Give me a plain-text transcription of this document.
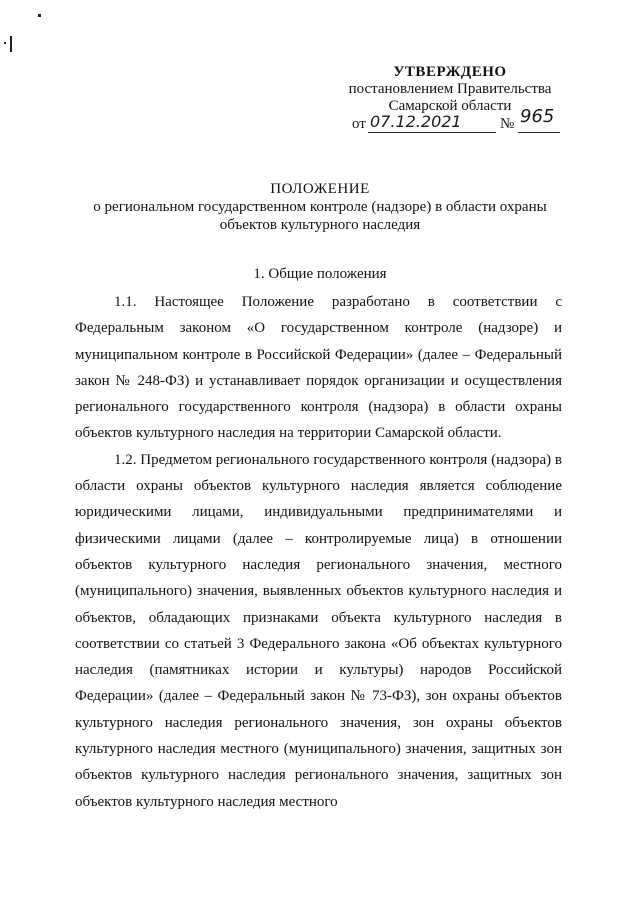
УТВЕРЖДЕНО
постановлением Правительства
Самарской области
от 07.12.2021	№ 965
ПОЛОЖЕНИЕ
о региональном государственном контроле (надзоре) в области охраны
объектов культурного наследия
1. Общие положения

1.1. Настоящее Положение разработано в соответствии с Федеральным законом «О государственном контроле (надзоре) и муниципальном контроле в Российской Федерации» (далее – Федеральный закон № 248-ФЗ) и устанавливает порядок организации и осуществления регионального государственного контроля (надзора) в области охраны объектов культурного наследия на территории Самарской области.

1.2. Предметом регионального государственного контроля (надзора) в области охраны объектов культурного наследия является соблюдение юридическими лицами, индивидуальными предпринимателями и физическими лицами (далее – контролируемые лица) в отношении объектов культурного наследия регионального значения, местного (муниципального) значения, выявленных объектов культурного наследия и объектов, обладающих признаками объекта культурного наследия в соответствии со статьей 3 Федерального закона «Об объектах культурного наследия (памятниках истории и культуры) народов Российской Федерации» (далее – Федеральный закон № 73-ФЗ), зон охраны объектов культурного наследия регионального значения, зон охраны объектов культурного наследия местного (муниципального) значения, защитных зон объектов культурного наследия регионального значения, защитных зон объектов культурного наследия местного
